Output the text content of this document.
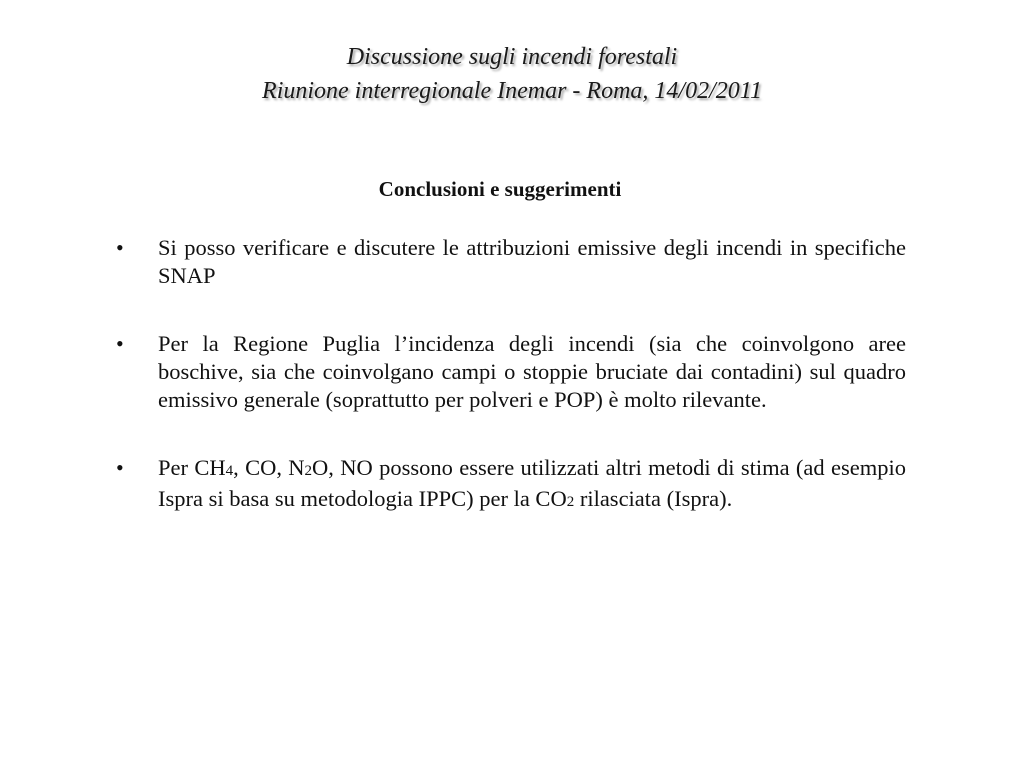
Discussione sugli incendi forestali
Riunione interregionale Inemar - Roma, 14/02/2011
Conclusioni e suggerimenti
• Si posso verificare e discutere le attribuzioni emissive degli incendi in specifiche SNAP
• Per la Regione Puglia l’incidenza degli incendi (sia che coinvolgono aree boschive, sia che coinvolgano campi o stoppie bruciate dai contadini) sul quadro emissivo generale (soprattutto per polveri e POP) è molto rilevante.
• Per CH4, CO, N2O, NO possono essere utilizzati altri metodi di stima (ad esempio Ispra si basa su metodologia IPPC) per la CO2 rilasciata (Ispra).
